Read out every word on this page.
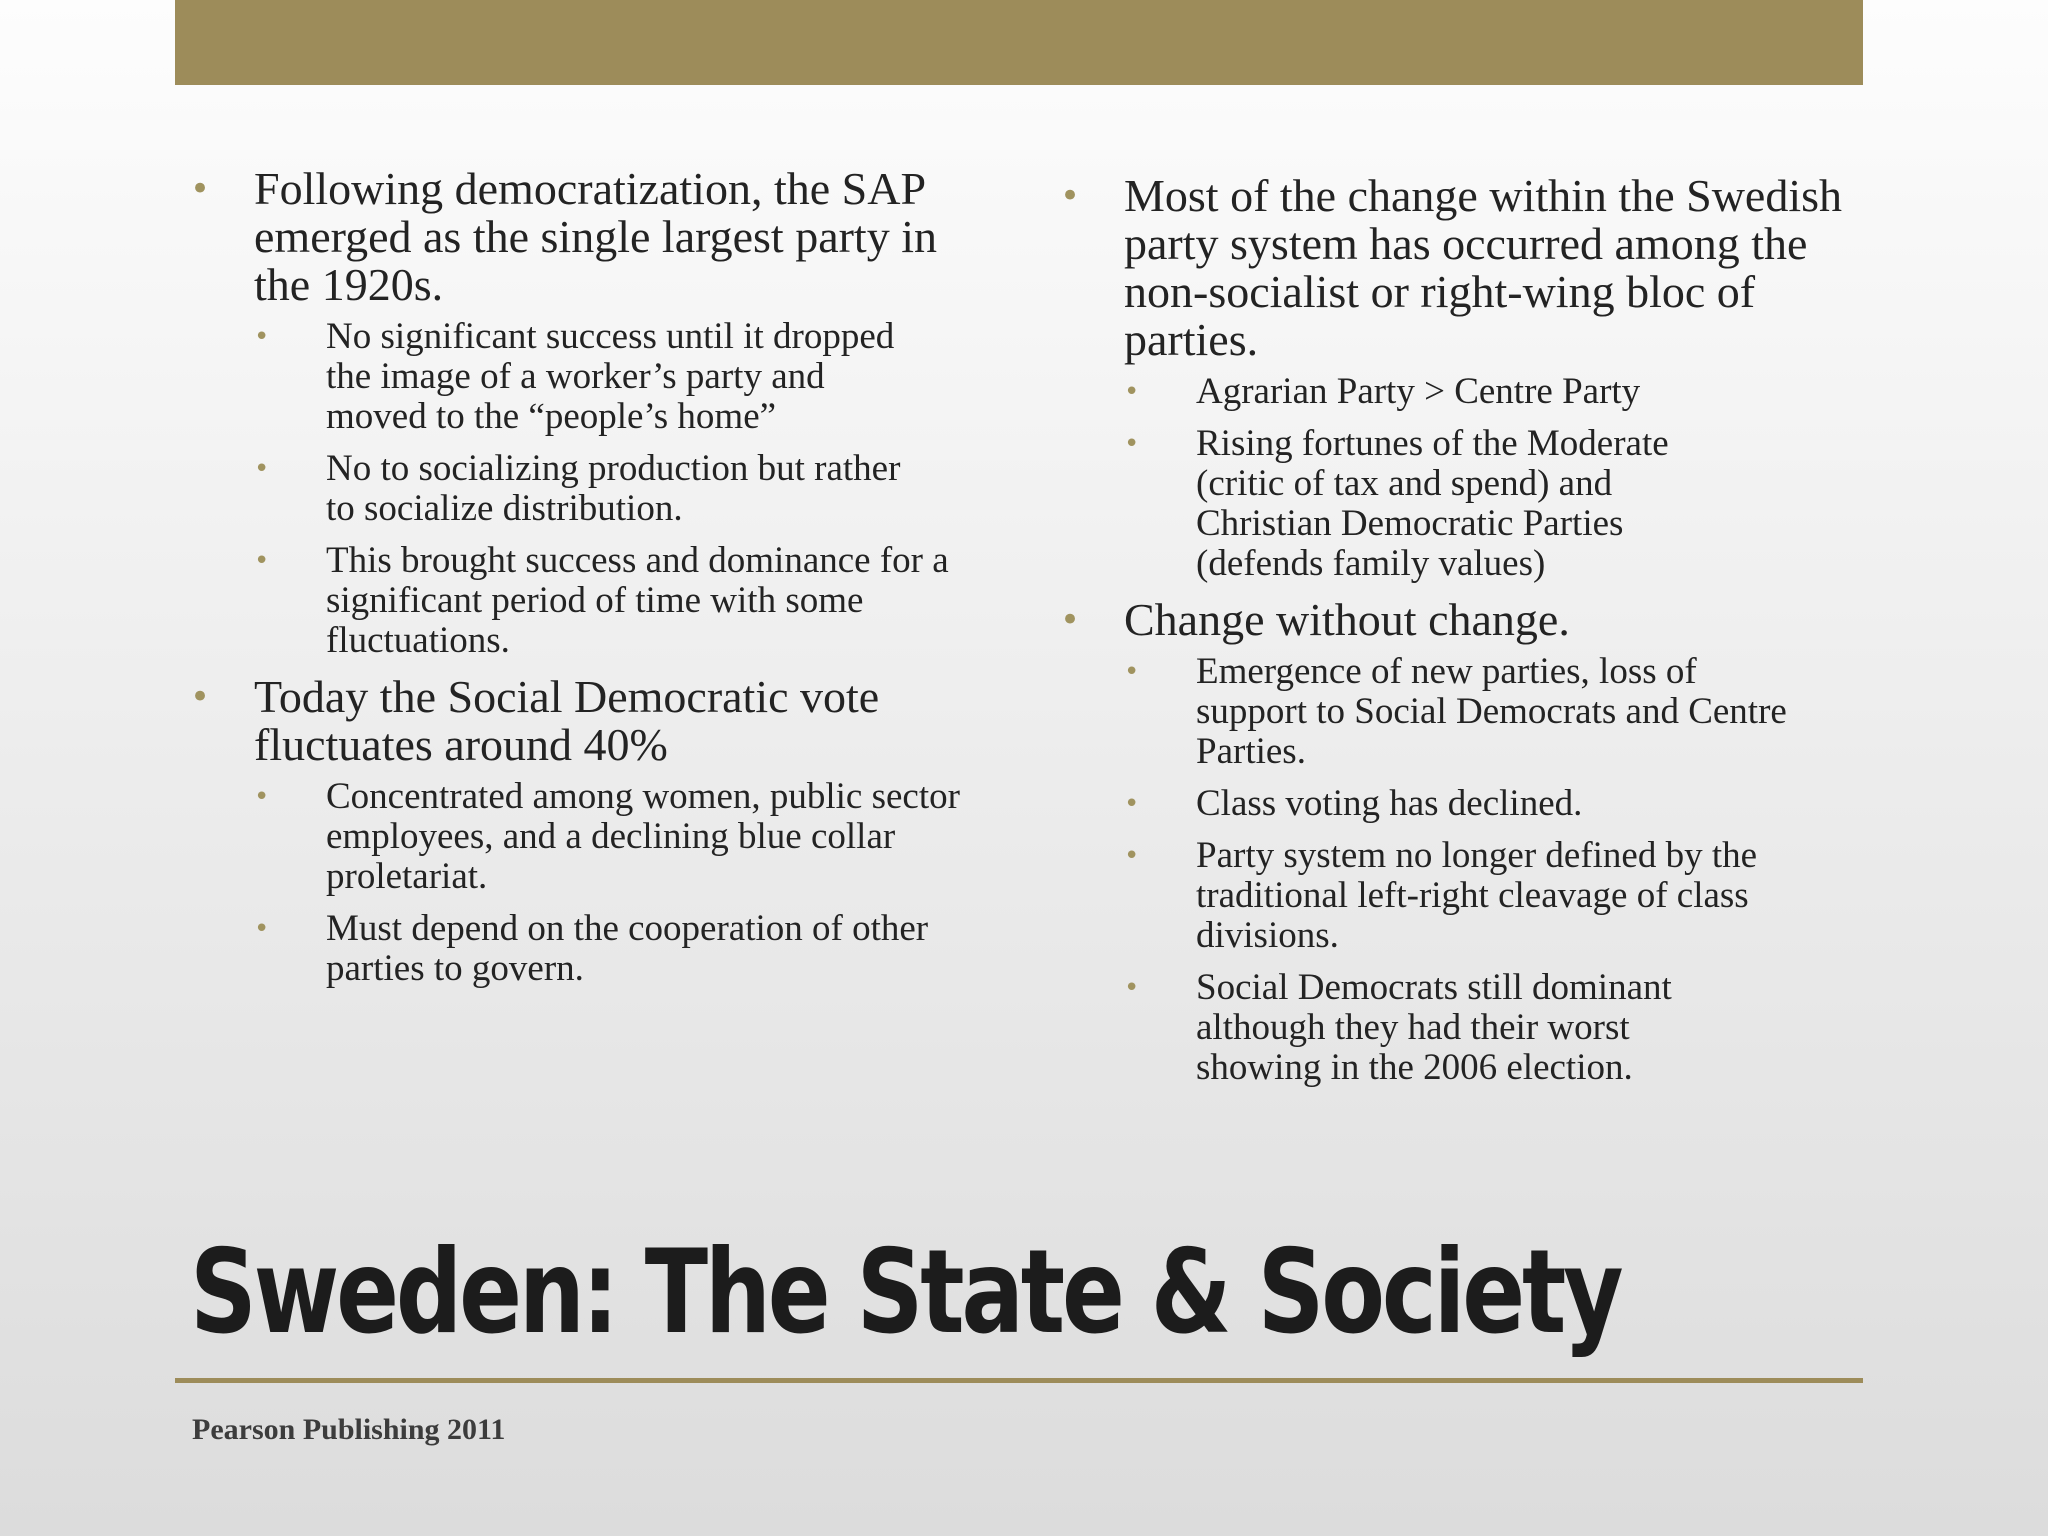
• Following democratization, the SAP emerged as the single largest party in the 1920s.
• No significant success until it dropped the image of a worker’s party and moved to the “people’s home”
• No to socializing production but rather to socialize distribution.
• This brought success and dominance for a significant period of time with some fluctuations.
• Today the Social Democratic vote fluctuates around 40%
• Concentrated among women, public sector employees, and a declining blue collar proletariat.
• Must depend on the cooperation of other parties to govern.
• Most of the change within the Swedish party system has occurred among the non-socialist or right-wing bloc of parties.
• Agrarian Party > Centre Party
• Rising fortunes of the Moderate (critic of tax and spend) and Christian Democratic Parties (defends family values)
• Change without change.
• Emergence of new parties, loss of support to Social Democrats and Centre Parties.
• Class voting has declined.
• Party system no longer defined by the traditional left-right cleavage of class divisions.
• Social Democrats still dominant although they had their worst showing in the 2006 election.
Sweden: The State & Society
Pearson Publishing 2011
